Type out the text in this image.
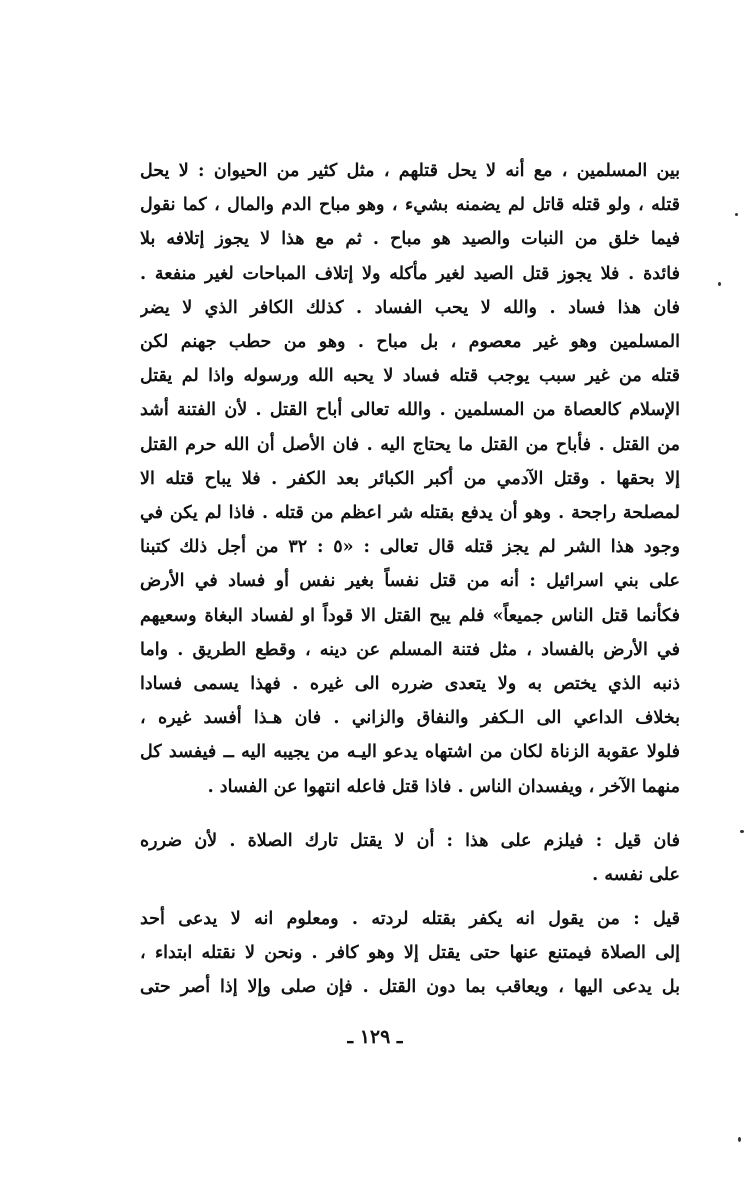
بين المسلمين ، مع أنه لا يحل قتلهم ، مثل كثير من الحيوان : لا يحل
قتله ، ولو قتله قاتل لم يضمنه بشيء ، وهو مباح الدم والمال ، كما نقول
فيما خلق من النبات والصيد هو مباح . ثم مع هذا لا يجوز إتلافه بلا
فائدة . فلا يجوز قتل الصيد لغير مأكله ولا إتلاف المباحات لغير منفعة .
فان هذا فساد . والله لا يحب الفساد . كذلك الكافر الذي لا يضر
المسلمين وهو غير معصوم ، بل مباح . وهو من حطب جهنم لكن
قتله من غير سبب يوجب قتله فساد لا يحبه الله ورسوله واذا لم يقتل
الإسلام كالعصاة من المسلمين . والله تعالى أباح القتل . لأن الفتنة أشد
من القتل . فأباح من القتل ما يحتاج اليه . فان الأصل أن الله حرم القتل
إلا بحقها . وقتل الآدمي من أكبر الكبائر بعد الكفر . فلا يباح قتله الا
لمصلحة راجحة . وهو أن يدفع بقتله شر اعظم من قتله . فاذا لم يكن في
وجود هذا الشر لم يجز قتله قال تعالى : «٥ : ٣٢ من أجل ذلك كتبنا
على بني اسرائيل : أنه من قتل نفساً بغير نفس أو فساد في الأرض
فكأنما قتل الناس جميعاً» فلم يبح القتل الا قوداً او لفساد البغاة وسعيهم
في الأرض بالفساد ، مثل فتنة المسلم عن دينه ، وقطع الطريق . واما
ذنبه الذي يختص به ولا يتعدى ضرره الى غيره . فهذا يسمى فسادا
بخلاف الداعي الى الـكفر والنفاق والزاني . فان هـذا أفسد غيره ،
فلولا عقوبة الزناة لكان من اشتهاه يدعو اليـه من يجيبه اليه ــ فيفسد كل
منهما الآخر ، ويفسدان الناس . فاذا قتل فاعله انتهوا عن الفساد .
فان قيل : فيلزم على هذا : أن لا يقتل تارك الصلاة . لأن ضرره
على نفسه .
قيل : من يقول انه يكفر بقتله لردته . ومعلوم انه لا يدعى أحد
إلى الصلاة فيمتنع عنها حتى يقتل إلا وهو كافر . ونحن لا نقتله ابتداء ،
بل يدعى اليها ، ويعاقب بما دون القتل . فإن صلى وإلا إذا أصر حتى
ـ ١٢٩ ـ
